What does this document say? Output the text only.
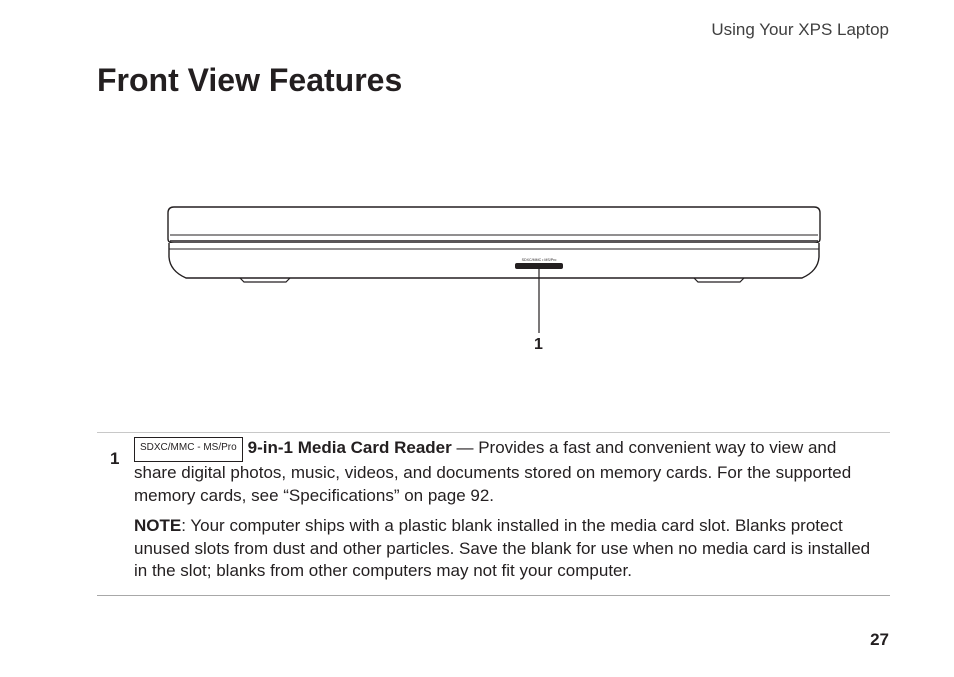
Using Your XPS Laptop
Front View Features
SDXC/MMC • MS/Pro
1
1

SDXC/MMC - MS/Pro 9-in-1 Media Card Reader — Provides a fast and convenient way to view and share digital photos, music, videos, and documents stored on memory cards. For the supported memory cards, see “Specifications” on page 92.

NOTE: Your computer ships with a plastic blank installed in the media card slot. Blanks protect unused slots from dust and other particles. Save the blank for use when no media card is installed in the slot; blanks from other computers may not fit your computer.

27
